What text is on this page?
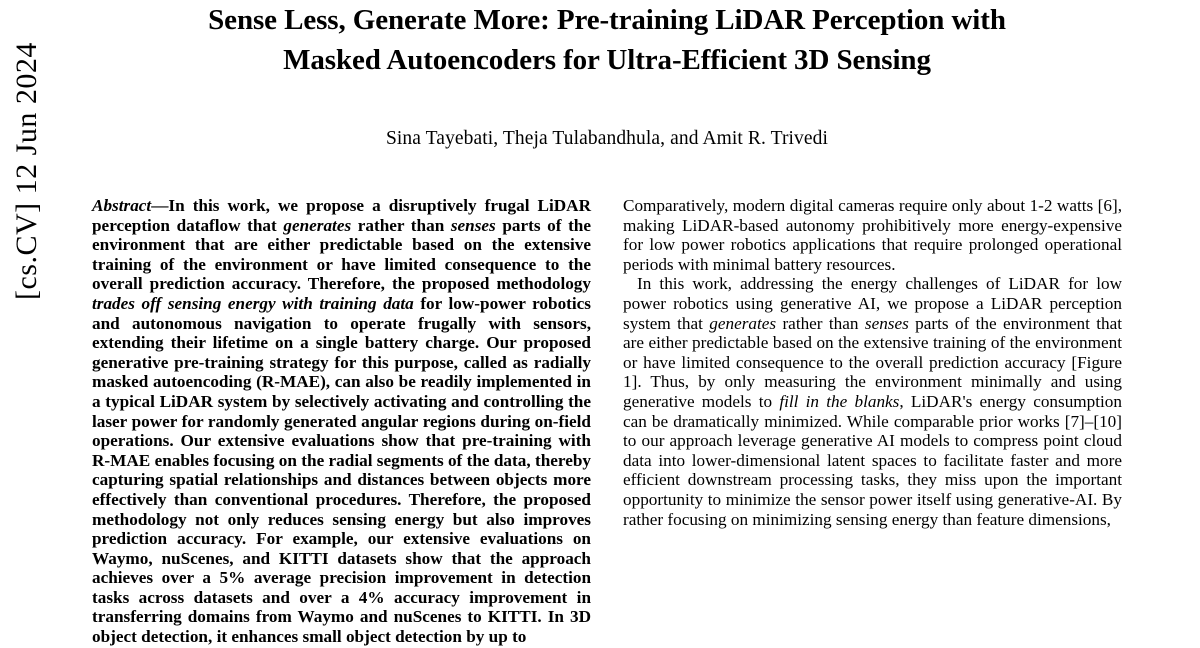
[cs.CV] 12 Jun 2024
Sense Less, Generate More: Pre-training LiDAR Perception with
Masked Autoencoders for Ultra-Efficient 3D Sensing
Sina Tayebati, Theja Tulabandhula, and Amit R. Trivedi

Abstract—In this work, we propose a disruptively frugal LiDAR perception dataflow that generates rather than senses parts of the environment that are either predictable based on the extensive training of the environment or have limited consequence to the overall prediction accuracy. Therefore, the proposed methodology trades off sensing energy with training data for low-power robotics and autonomous navigation to operate frugally with sensors, extending their lifetime on a single battery charge. Our proposed generative pre-training strategy for this purpose, called as radially masked autoencoding (R-MAE), can also be readily implemented in a typical LiDAR system by selectively activating and controlling the laser power for randomly generated angular regions during on-field operations. Our extensive evaluations show that pre-training with R-MAE enables focusing on the radial segments of the data, thereby capturing spatial relationships and distances between objects more effectively than conventional procedures. Therefore, the proposed methodology not only reduces sensing energy but also improves prediction accuracy. For example, our extensive evaluations on Waymo, nuScenes, and KITTI datasets show that the approach achieves over a 5% average precision improvement in detection tasks across datasets and over a 4% accuracy improvement in transferring domains from Waymo and nuScenes to KITTI. In 3D object detection, it enhances small object detection by up to

Comparatively, modern digital cameras require only about 1-2 watts [6], making LiDAR-based autonomy prohibitively more energy-expensive for low power robotics applications that require prolonged operational periods with minimal battery resources.

In this work, addressing the energy challenges of LiDAR for low power robotics using generative AI, we propose a LiDAR perception system that generates rather than senses parts of the environment that are either predictable based on the extensive training of the environment or have limited consequence to the overall prediction accuracy [Figure 1]. Thus, by only measuring the environment minimally and using generative models to fill in the blanks, LiDAR's energy consumption can be dramatically minimized. While comparable prior works [7]–[10] to our approach leverage generative AI models to compress point cloud data into lower-dimensional latent spaces to facilitate faster and more efficient downstream processing tasks, they miss upon the important opportunity to minimize the sensor power itself using generative-AI. By rather focusing on minimizing sensing energy than feature dimensions,
